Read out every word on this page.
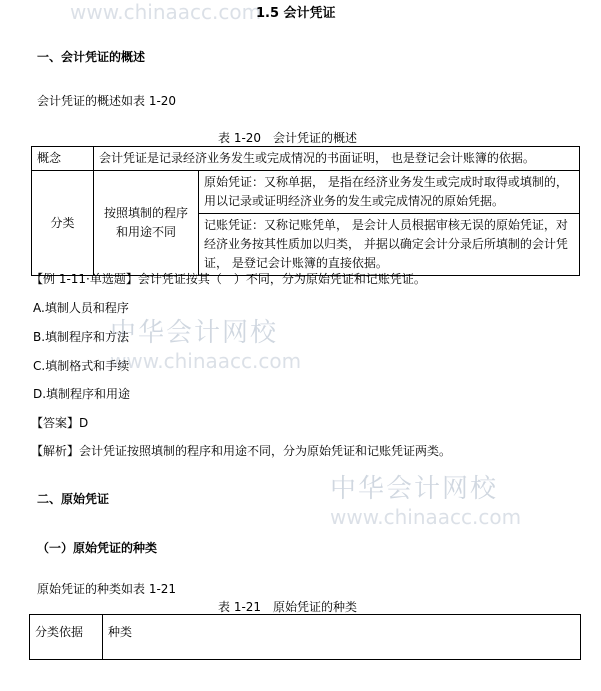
www.chinaacc.com
中华会计网校
www.chinaacc.com
中华会计网校
www.chinaacc.com
1.5 会计凭证
一、会计凭证的概述
会计凭证的概述如表 1-20
表 1-20　会计凭证的概述
概念	会计凭证是记录经济业务发生或完成情况的书面证明， 也是登记会计账簿的依据。	
分类	按照填制的程序和用途不同	原始凭证：又称单据， 是指在经济业务发生或完成时取得或填制的， 用以记录或证明经济业务的发生或完成情况的原始凭据。
		记账凭证：又称记账凭单， 是会计人员根据审核无误的原始凭证，对经济业务按其性质加以归类， 并据以确定会计分录后所填制的会计凭证， 是登记会计账簿的直接依据。
【例 1-11·单选题】会计凭证按其（　）不同，分为原始凭证和记账凭证。
A.填制人员和程序
B.填制程序和方法
C.填制格式和手续
D.填制程序和用途
【答案】D
【解析】会计凭证按照填制的程序和用途不同，分为原始凭证和记账凭证两类。
二、原始凭证
（一）原始凭证的种类
原始凭证的种类如表 1-21
表 1-21　原始凭证的种类
分类依据	种类
